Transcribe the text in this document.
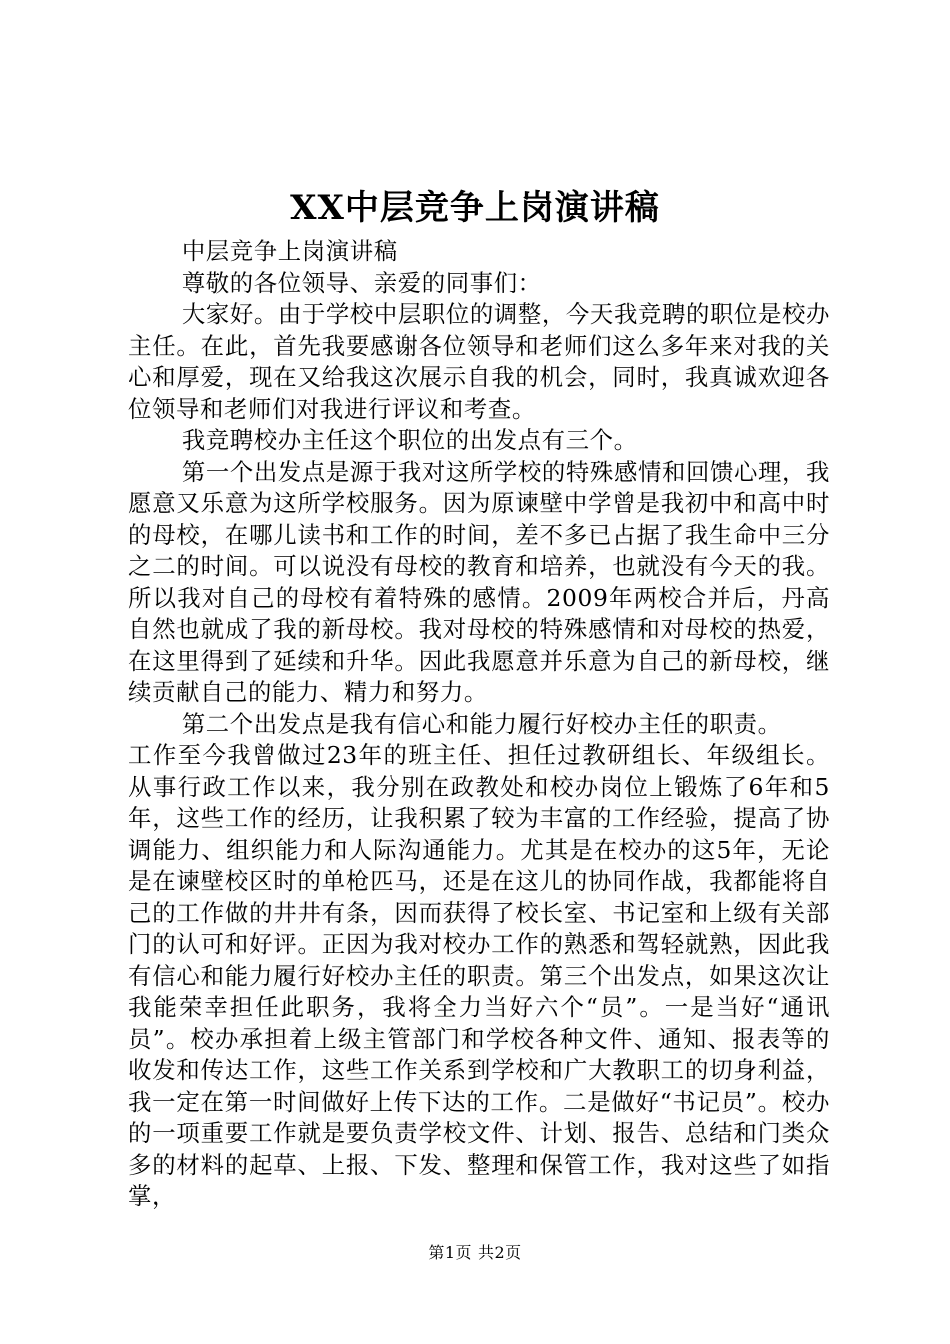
XX中层竞争上岗演讲稿

中层竞争上岗演讲稿

尊敬的各位领导、亲爱的同事们：

大家好。由于学校中层职位的调整，今天我竞聘的职位是校办主任。在此，首先我要感谢各位领导和老师们这么多年来对我的关心和厚爱，现在又给我这次展示自我的机会，同时，我真诚欢迎各位领导和老师们对我进行评议和考查。

我竞聘校办主任这个职位的出发点有三个。

第一个出发点是源于我对这所学校的特殊感情和回馈心理，我愿意又乐意为这所学校服务。因为原谏壁中学曾是我初中和高中时的母校，在哪儿读书和工作的时间，差不多已占据了我生命中三分之二的时间。可以说没有母校的教育和培养，也就没有今天的我。所以我对自己的母校有着特殊的感情。2009年两校合并后，丹高自然也就成了我的新母校。我对母校的特殊感情和对母校的热爱，在这里得到了延续和升华。因此我愿意并乐意为自己的新母校，继续贡献自己的能力、精力和努力。

第二个出发点是我有信心和能力履行好校办主任的职责。

工作至今我曾做过23年的班主任、担任过教研组长、年级组长。从事行政工作以来，我分别在政教处和校办岗位上锻炼了6年和5年，这些工作的经历，让我积累了较为丰富的工作经验，提高了协调能力、组织能力和人际沟通能力。尤其是在校办的这5年，无论是在谏壁校区时的单枪匹马，还是在这儿的协同作战，我都能将自己的工作做的井井有条，因而获得了校长室、书记室和上级有关部门的认可和好评。正因为我对校办工作的熟悉和驾轻就熟，因此我有信心和能力履行好校办主任的职责。第三个出发点，如果这次让我能荣幸担任此职务，我将全力当好六个“员”。一是当好“通讯员”。校办承担着上级主管部门和学校各种文件、通知、报表等的收发和传达工作，这些工作关系到学校和广大教职工的切身利益，我一定在第一时间做好上传下达的工作。二是做好“书记员”。校办的一项重要工作就是要负责学校文件、计划、报告、总结和门类众多的材料的起草、上报、下发、整理和保管工作，我对这些了如指掌，

第1页 共2页
